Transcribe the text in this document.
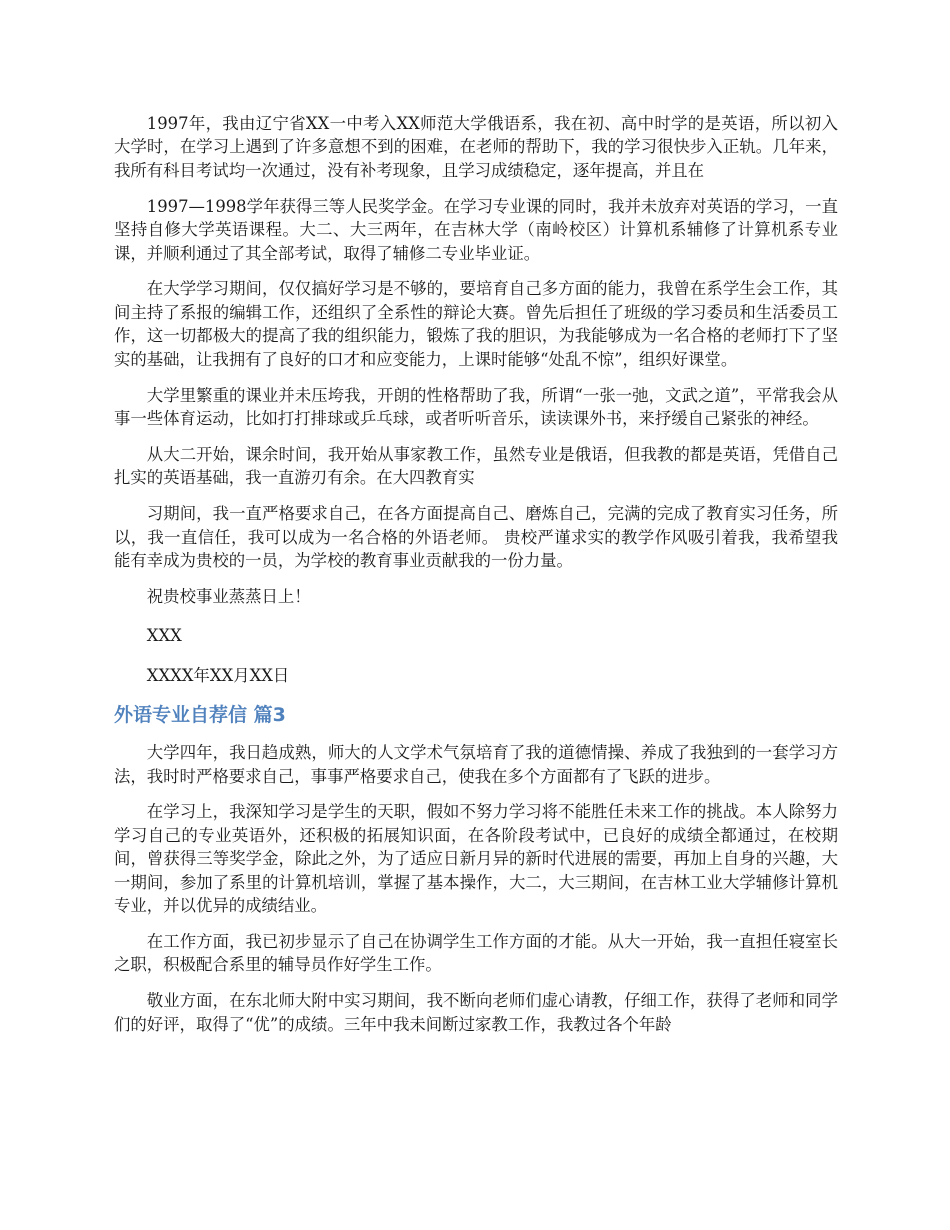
1997年，我由辽宁省XX一中考入XX师范大学俄语系，我在初、高中时学的是英语，所以初入大学时，在学习上遇到了许多意想不到的困难，在老师的帮助下，我的学习很快步入正轨。几年来，我所有科目考试均一次通过，没有补考现象，且学习成绩稳定，逐年提高，并且在

1997—1998学年获得三等人民奖学金。在学习专业课的同时，我并未放弃对英语的学习，一直坚持自修大学英语课程。大二、大三两年，在吉林大学（南岭校区）计算机系辅修了计算机系专业课，并顺利通过了其全部考试，取得了辅修二专业毕业证。

在大学学习期间，仅仅搞好学习是不够的，要培育自己多方面的能力，我曾在系学生会工作，其间主持了系报的编辑工作，还组织了全系性的辩论大赛。曾先后担任了班级的学习委员和生活委员工作，这一切都极大的提高了我的组织能力，锻炼了我的胆识，为我能够成为一名合格的老师打下了坚实的基础，让我拥有了良好的口才和应变能力，上课时能够“处乱不惊”，组织好课堂。

大学里繁重的课业并未压垮我，开朗的性格帮助了我，所谓“一张一弛，文武之道”，平常我会从事一些体育运动，比如打打排球或乒乓球，或者听听音乐，读读课外书，来抒缓自己紧张的神经。

从大二开始，课余时间，我开始从事家教工作，虽然专业是俄语，但我教的都是英语，凭借自己扎实的英语基础，我一直游刃有余。在大四教育实

习期间，我一直严格要求自己，在各方面提高自己、磨炼自己，完满的完成了教育实习任务，所以，我一直信任，我可以成为一名合格的外语老师。 贵校严谨求实的教学作风吸引着我，我希望我能有幸成为贵校的一员，为学校的教育事业贡献我的一份力量。

祝贵校事业蒸蒸日上！

XXX

XXXX年XX月XX日

外语专业自荐信 篇3

大学四年，我日趋成熟，师大的人文学术气氛培育了我的道德情操、养成了我独到的一套学习方法，我时时严格要求自己，事事严格要求自己，使我在多个方面都有了飞跃的进步。

在学习上，我深知学习是学生的天职，假如不努力学习将不能胜任未来工作的挑战。本人除努力学习自己的专业英语外，还积极的拓展知识面，在各阶段考试中，已良好的成绩全都通过，在校期间，曾获得三等奖学金，除此之外，为了适应日新月异的新时代进展的需要，再加上自身的兴趣，大一期间，参加了系里的计算机培训，掌握了基本操作，大二，大三期间，在吉林工业大学辅修计算机专业，并以优异的成绩结业。

在工作方面，我已初步显示了自己在协调学生工作方面的才能。从大一开始，我一直担任寝室长之职，积极配合系里的辅导员作好学生工作。

敬业方面，在东北师大附中实习期间，我不断向老师们虚心请教，仔细工作，获得了老师和同学们的好评，取得了“优”的成绩。三年中我未间断过家教工作，我教过各个年龄
